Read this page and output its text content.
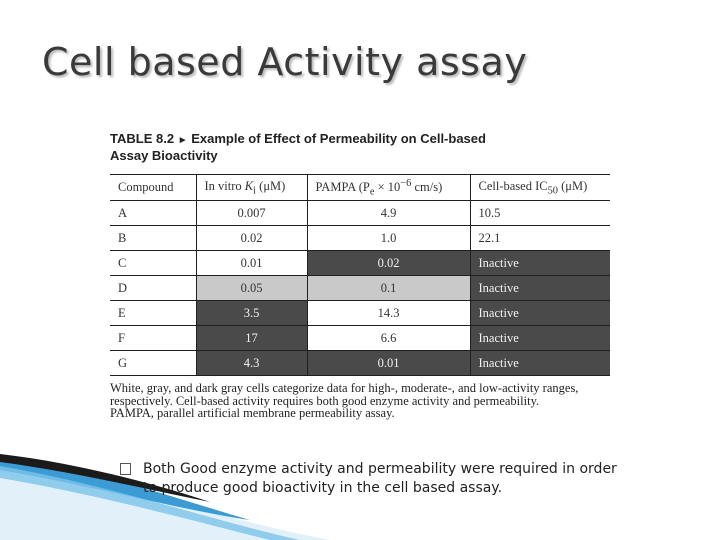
Cell based Activity assay
TABLE 8.2 ► Example of Effect of Permeability on Cell-based
Assay Bioactivity
Compound	In vitro $K_i$ (μM)	PAMPA ($P_e \times 10^{-6}$ cm/s)	Cell-based $IC_{50}$ (μM)
A	0.007	4.9	10.5
B	0.02	1.0	22.1
C	0.01	0.02	Inactive
D	0.05	0.1	Inactive
E	3.5	14.3	Inactive
F	17	6.6	Inactive
G	4.3	0.01	Inactive

White, gray, and dark gray cells categorize data for high-, moderate-, and low-activity ranges, respectively. Cell-based activity requires both good enzyme activity and permeability.

PAMPA, parallel artificial membrane permeability assay.

Both Good enzyme activity and permeability were required in order to produce good bioactivity in the cell based assay.
